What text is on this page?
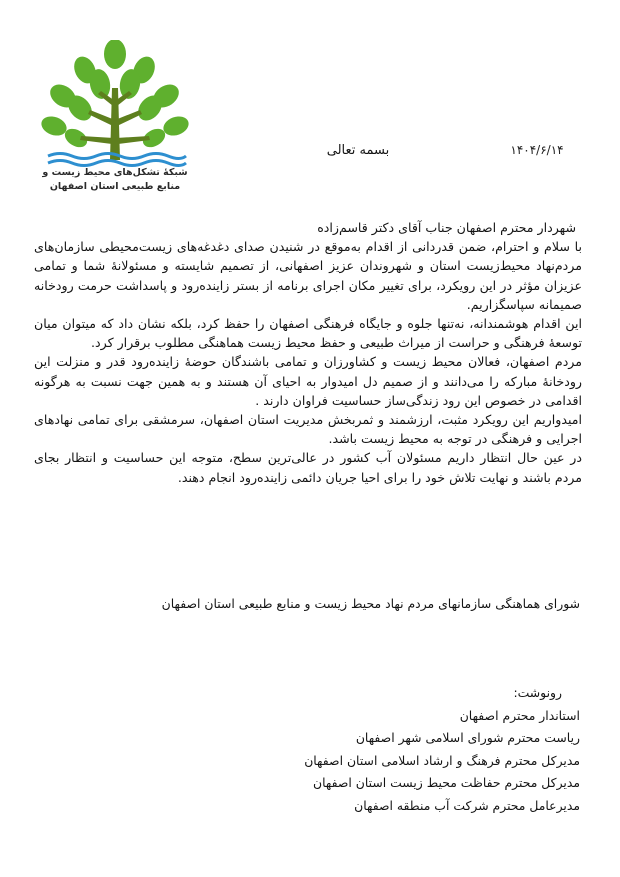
شبکهٔ تشکل‌های محیط زیست و
منابع طبیعی استان اصفهان
۱۴۰۴/۶/۱۴
بسمه تعالی

شهردار محترم اصفهان جناب آقای دکتر قاسم‌زاده

با سلام و احترام، ضمن قدردانی از اقدام به‌موقع در شنیدن صدای دغدغه‌های زیست‌محیطی سازمان‌های مردم‌نهاد محیط‌زیست استان و شهروندان عزیز اصفهانی، از تصمیم شایسته و مسئولانهٔ شما و تمامی عزیزان مؤثر در این رویکرد، برای تغییر مکان اجرای برنامه از بستر زاینده‌رود و پاسداشت حرمت رودخانه صمیمانه سپاسگزاریم.

این اقدام هوشمندانه، نه‌تنها جلوه و جایگاه فرهنگی اصفهان را حفظ کرد، بلکه نشان داد که میتوان میان توسعهٔ فرهنگی و حراست از میراث طبیعی و حفظ محیط زیست هماهنگی مطلوب برقرار کرد.

مردم اصفهان، فعالان محیط زیست و کشاورزان و تمامی باشندگان حوضهٔ زاینده‌رود قدر و منزلت این رودخانهٔ مبارکه را می‌دانند و از صمیم دل امیدوار به احیای آن هستند و به همین جهت نسبت به هرگونه اقدامی در خصوص این رود زندگی‌ساز حساسیت فراوان دارند .

امیدواریم این رویکرد مثبت، ارزشمند و ثمربخش مدیریت استان اصفهان، سرمشقی برای تمامی نهادهای اجرایی و فرهنگی در توجه به محیط زیست باشد.

در عین حال انتظار داریم مسئولان آب کشور در عالی‌ترین سطح، متوجه این حساسیت و انتظار بجای مردم باشند و نهایت تلاش خود را برای احیا جریان دائمی زاینده‌رود انجام دهند.

شورای هماهنگی سازمانهای مردم نهاد محیط زیست و منابع طبیعی استان اصفهان
رونوشت:
استاندار محترم اصفهان
ریاست محترم شورای اسلامی شهر اصفهان
مدیرکل محترم فرهنگ و ارشاد اسلامی استان اصفهان
مدیرکل محترم حفاظت محیط زیست استان اصفهان
مدیرعامل محترم شرکت آب منطقه اصفهان
